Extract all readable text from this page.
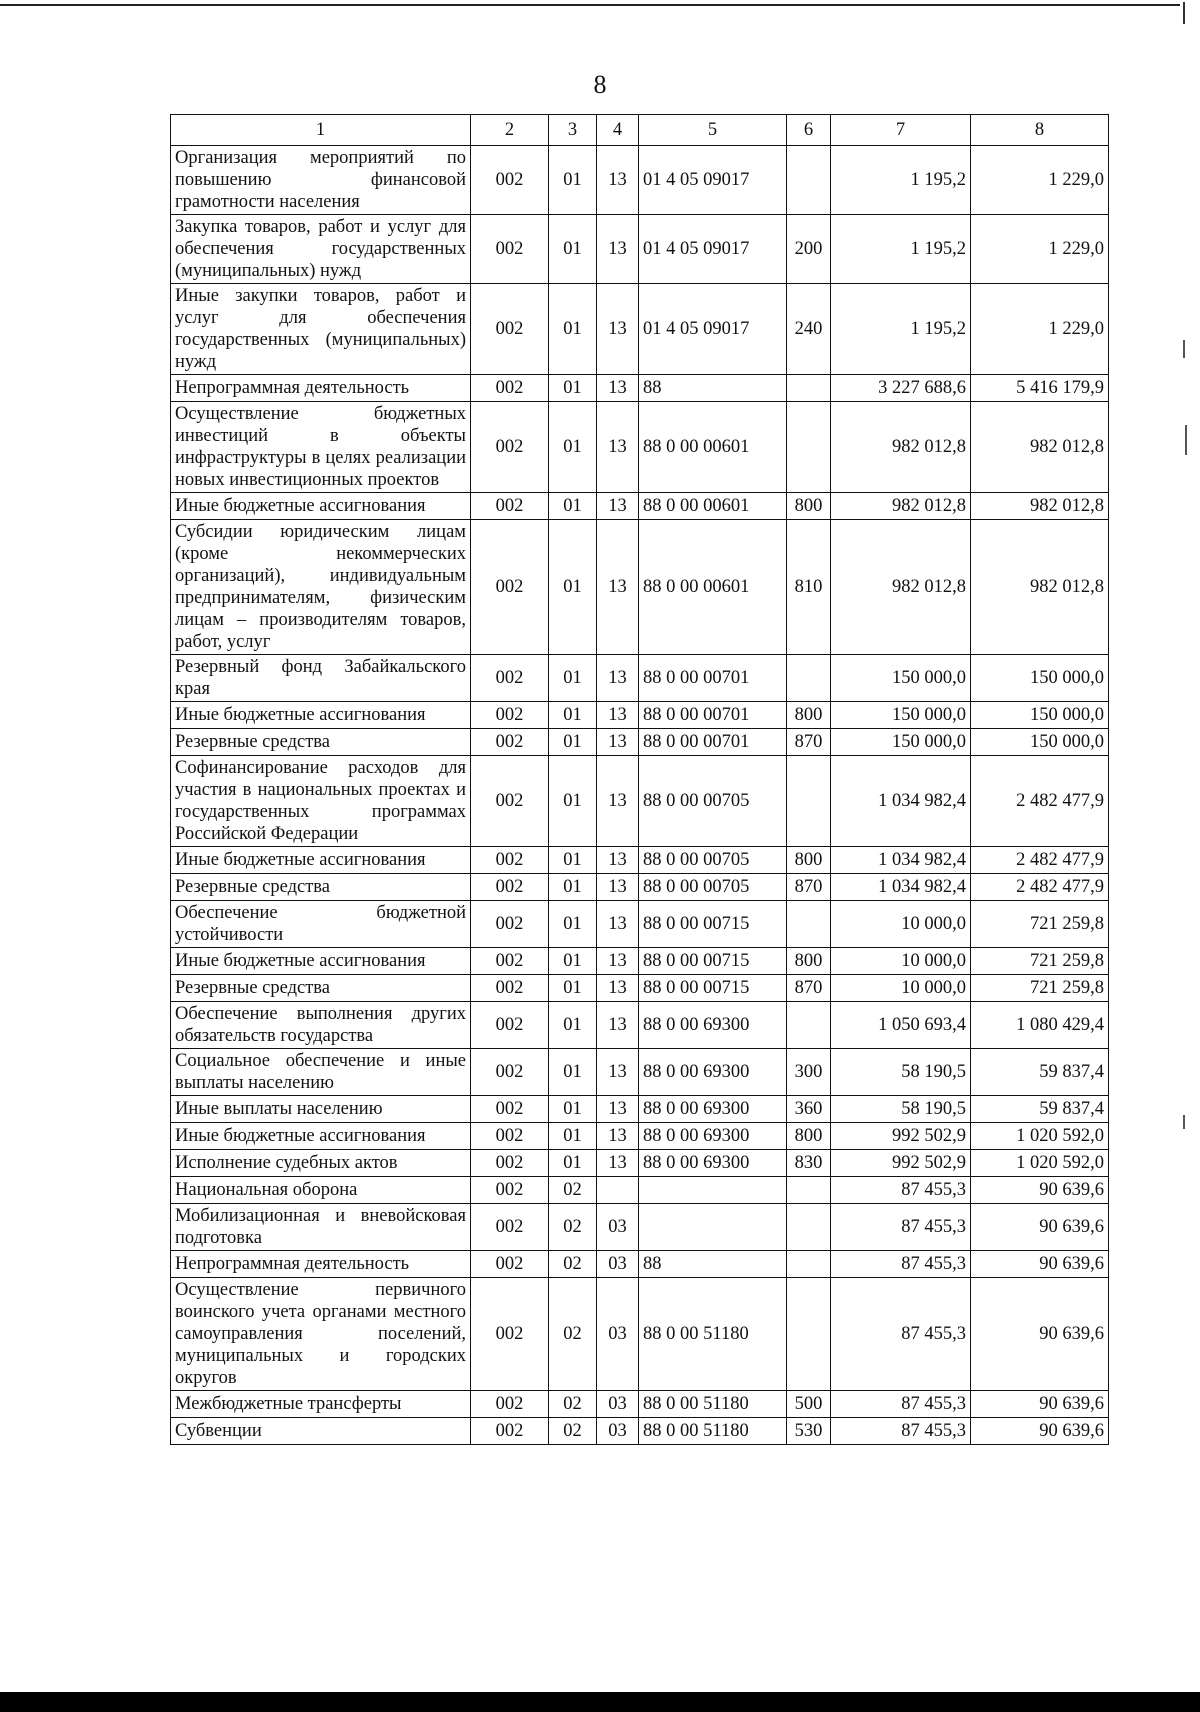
8
1	2	3	4	5	6	7	8
Организация мероприятий по повышению финансовой грамотности населения	002	01	13	01 4 05 09017		1 195,2	1 229,0
Закупка товаров, работ и услуг для обеспечения государственных (муниципальных) нужд	002	01	13	01 4 05 09017	200	1 195,2	1 229,0
Иные закупки товаров, работ и услуг для обеспечения государственных (муниципальных) нужд	002	01	13	01 4 05 09017	240	1 195,2	1 229,0
Непрограммная деятельность	002	01	13	88		3 227 688,6	5 416 179,9
Осуществление бюджетных инвестиций в объекты инфраструктуры в целях реализации новых инвестиционных проектов	002	01	13	88 0 00 00601		982 012,8	982 012,8
Иные бюджетные ассигнования	002	01	13	88 0 00 00601	800	982 012,8	982 012,8
Субсидии юридическим лицам (кроме некоммерческих организаций), индивидуальным предпринимателям, физическим лицам – производителям товаров, работ, услуг	002	01	13	88 0 00 00601	810	982 012,8	982 012,8
Резервный фонд Забайкальского края	002	01	13	88 0 00 00701		150 000,0	150 000,0
Иные бюджетные ассигнования	002	01	13	88 0 00 00701	800	150 000,0	150 000,0
Резервные средства	002	01	13	88 0 00 00701	870	150 000,0	150 000,0
Софинансирование расходов для участия в национальных проектах и государственных программах Российской Федерации	002	01	13	88 0 00 00705		1 034 982,4	2 482 477,9
Иные бюджетные ассигнования	002	01	13	88 0 00 00705	800	1 034 982,4	2 482 477,9
Резервные средства	002	01	13	88 0 00 00705	870	1 034 982,4	2 482 477,9
Обеспечение бюджетной устойчивости	002	01	13	88 0 00 00715		10 000,0	721 259,8
Иные бюджетные ассигнования	002	01	13	88 0 00 00715	800	10 000,0	721 259,8
Резервные средства	002	01	13	88 0 00 00715	870	10 000,0	721 259,8
Обеспечение выполнения других обязательств государства	002	01	13	88 0 00 69300		1 050 693,4	1 080 429,4
Социальное обеспечение и иные выплаты населению	002	01	13	88 0 00 69300	300	58 190,5	59 837,4
Иные выплаты населению	002	01	13	88 0 00 69300	360	58 190,5	59 837,4
Иные бюджетные ассигнования	002	01	13	88 0 00 69300	800	992 502,9	1 020 592,0
Исполнение судебных актов	002	01	13	88 0 00 69300	830	992 502,9	1 020 592,0
Национальная оборона	002	02				87 455,3	90 639,6
Мобилизационная и вневойсковая подготовка	002	02	03			87 455,3	90 639,6
Непрограммная деятельность	002	02	03	88		87 455,3	90 639,6
Осуществление первичного воинского учета органами местного самоуправления поселений, муниципальных и городских округов	002	02	03	88 0 00 51180		87 455,3	90 639,6
Межбюджетные трансферты	002	02	03	88 0 00 51180	500	87 455,3	90 639,6
Субвенции	002	02	03	88 0 00 51180	530	87 455,3	90 639,6
